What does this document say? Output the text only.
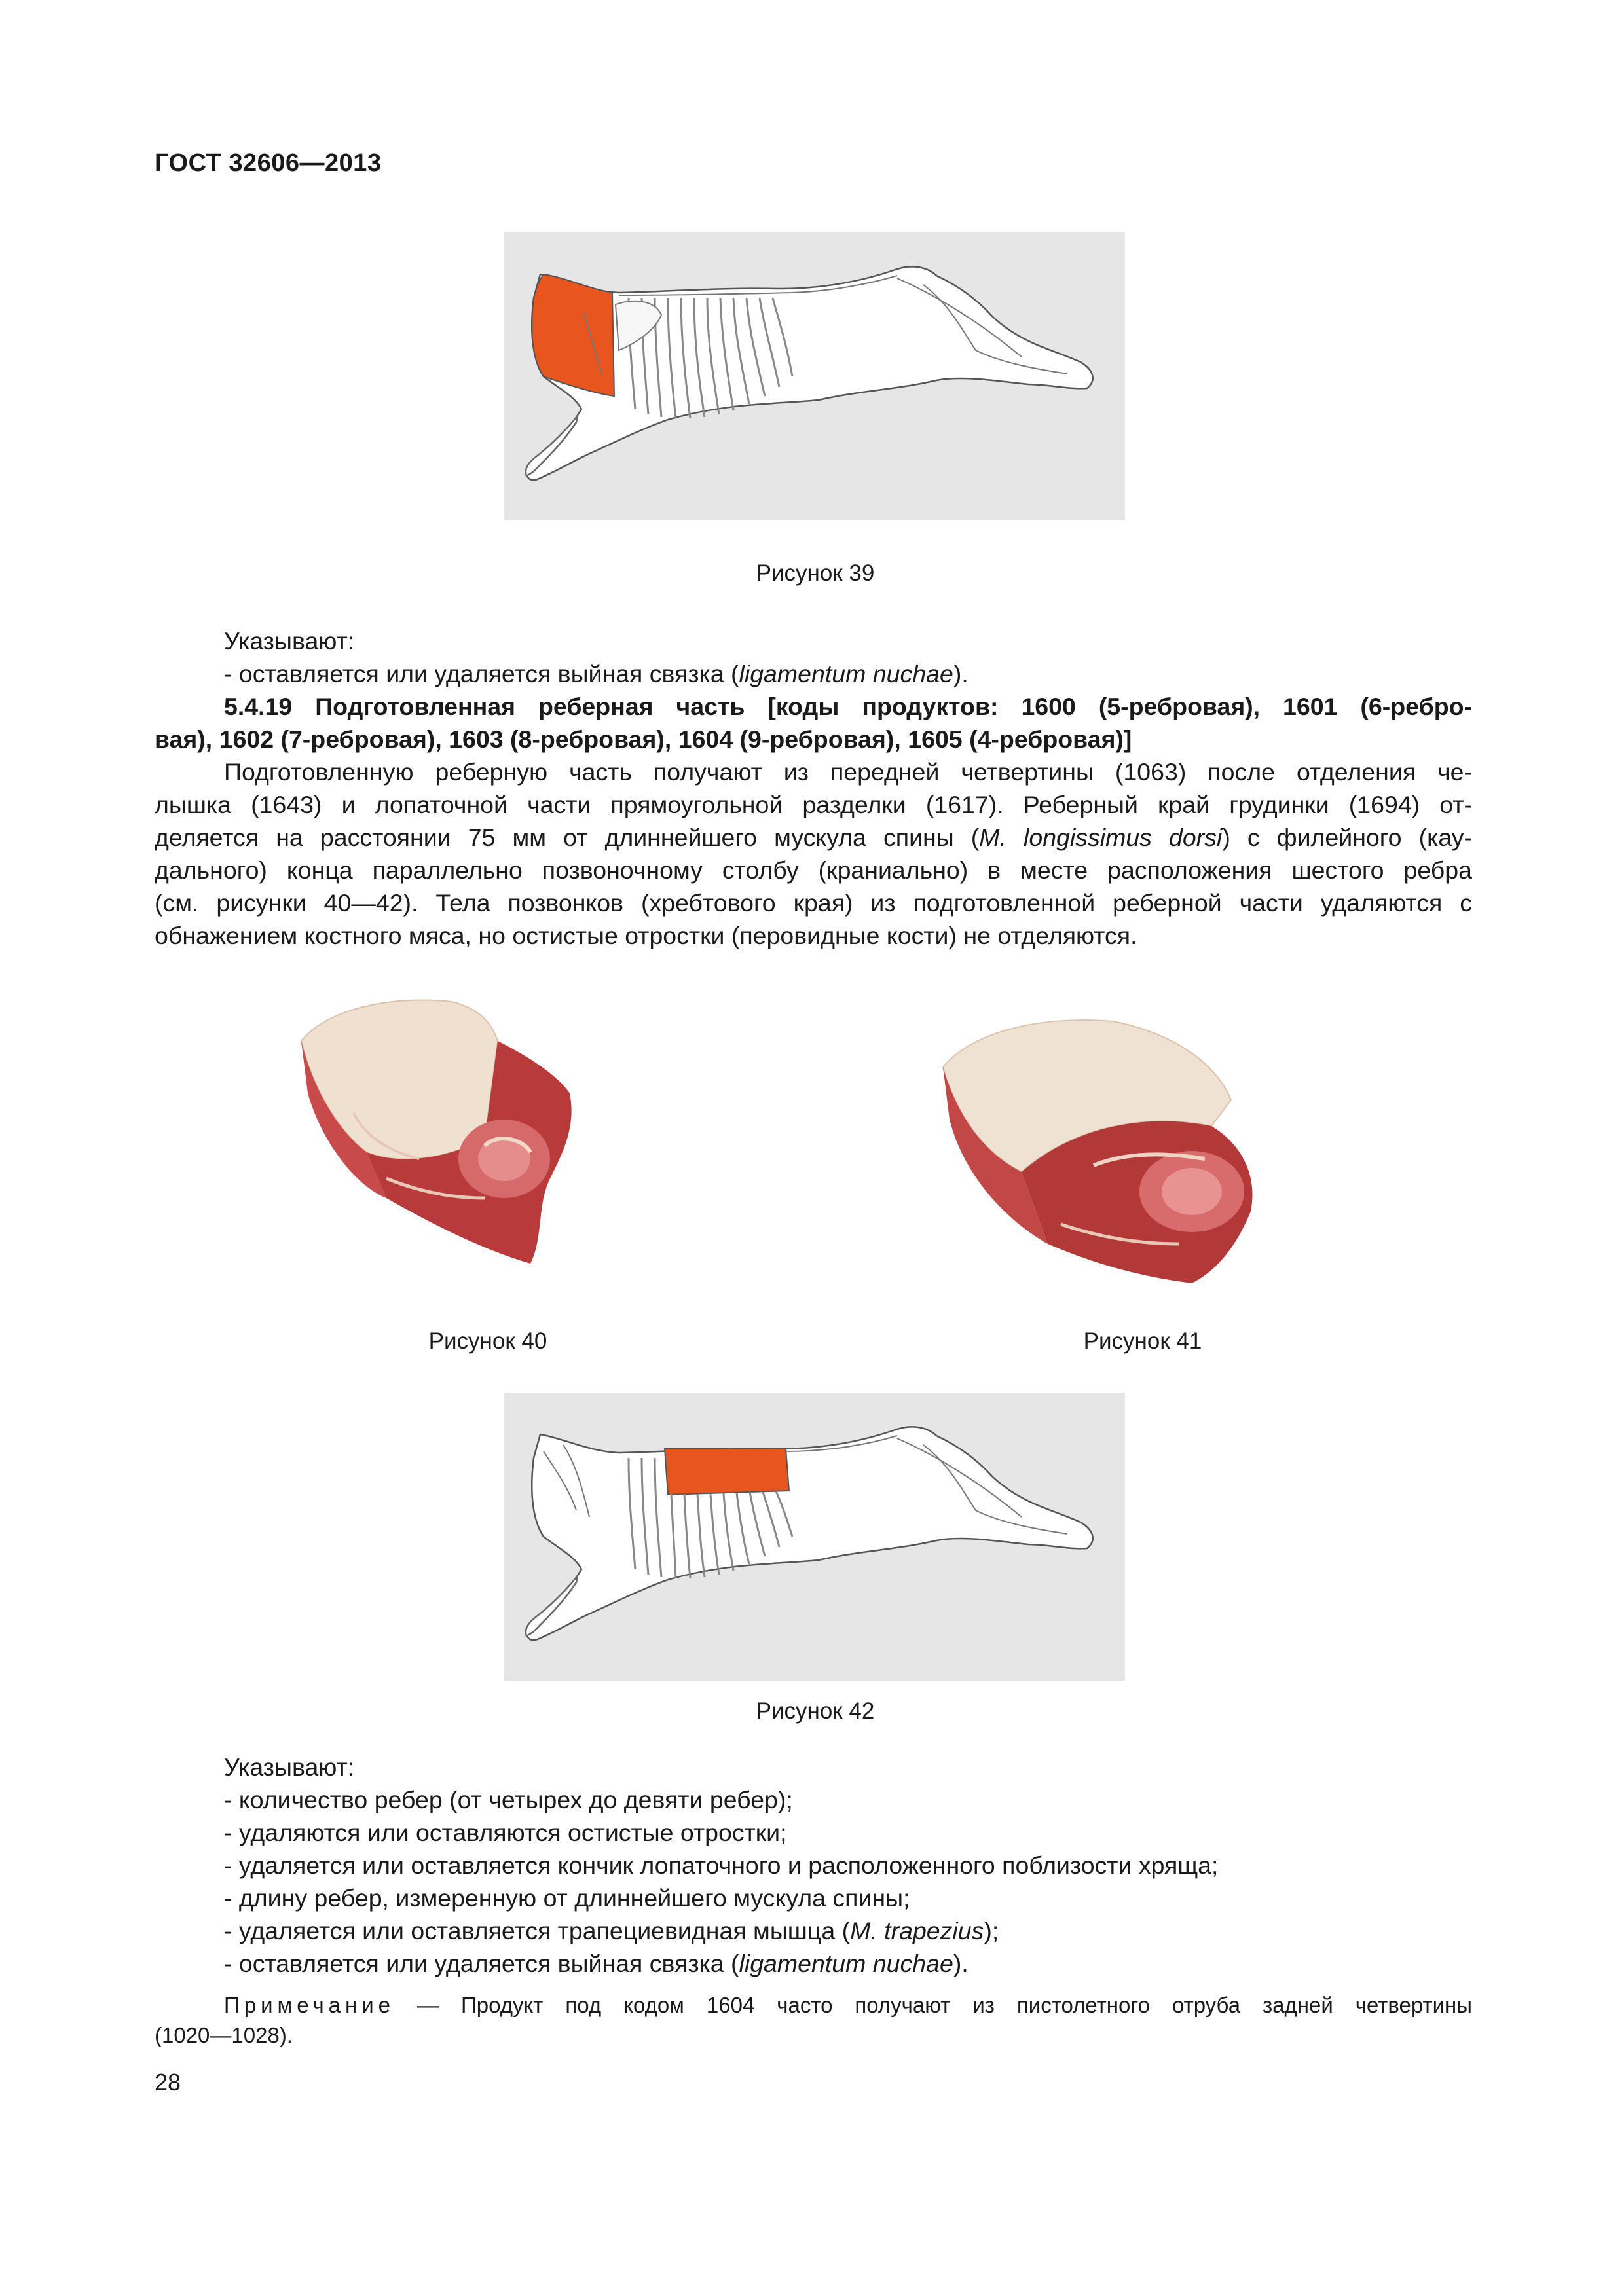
ГОСТ 32606—2013
Рисунок 39
Указывают:
- оставляется или удаляется выйная связка (ligamentum nuchae).
5.4.19 Подготовленная реберная часть [коды продуктов: 1600 (5-ребровая), 1601 (6-ребро-
вая), 1602 (7-ребровая), 1603 (8-ребровая), 1604 (9-ребровая), 1605 (4-ребровая)]
Подготовленную реберную часть получают из передней четвертины (1063) после отделения че-
лышка (1643) и лопаточной части прямоугольной разделки (1617). Реберный край грудинки (1694) от-
деляется на расстоянии 75 мм от длиннейшего мускула спины (M. longissimus dorsi) с филейного (кау-
дального) конца параллельно позвоночному столбу (краниально) в месте расположения шестого ребра
(см. рисунки 40—42). Тела позвонков (хребтового края) из подготовленной реберной части удаляются с
обнажением костного мяса, но остистые отростки (перовидные кости) не отделяются.
Рисунок 40	Рисунок 41
Рисунок 42
Указывают:
- количество ребер (от четырех до девяти ребер);
- удаляются или оставляются остистые отростки;
- удаляется или оставляется кончик лопаточного и расположенного поблизости хряща;
- длину ребер, измеренную от длиннейшего мускула спины;
- удаляется или оставляется трапециевидная мышца (M. trapezius);
- оставляется или удаляется выйная связка (ligamentum nuchae).
Примечание — Продукт под кодом 1604 часто получают из пистолетного отруба задней четвертины
(1020—1028).
28
